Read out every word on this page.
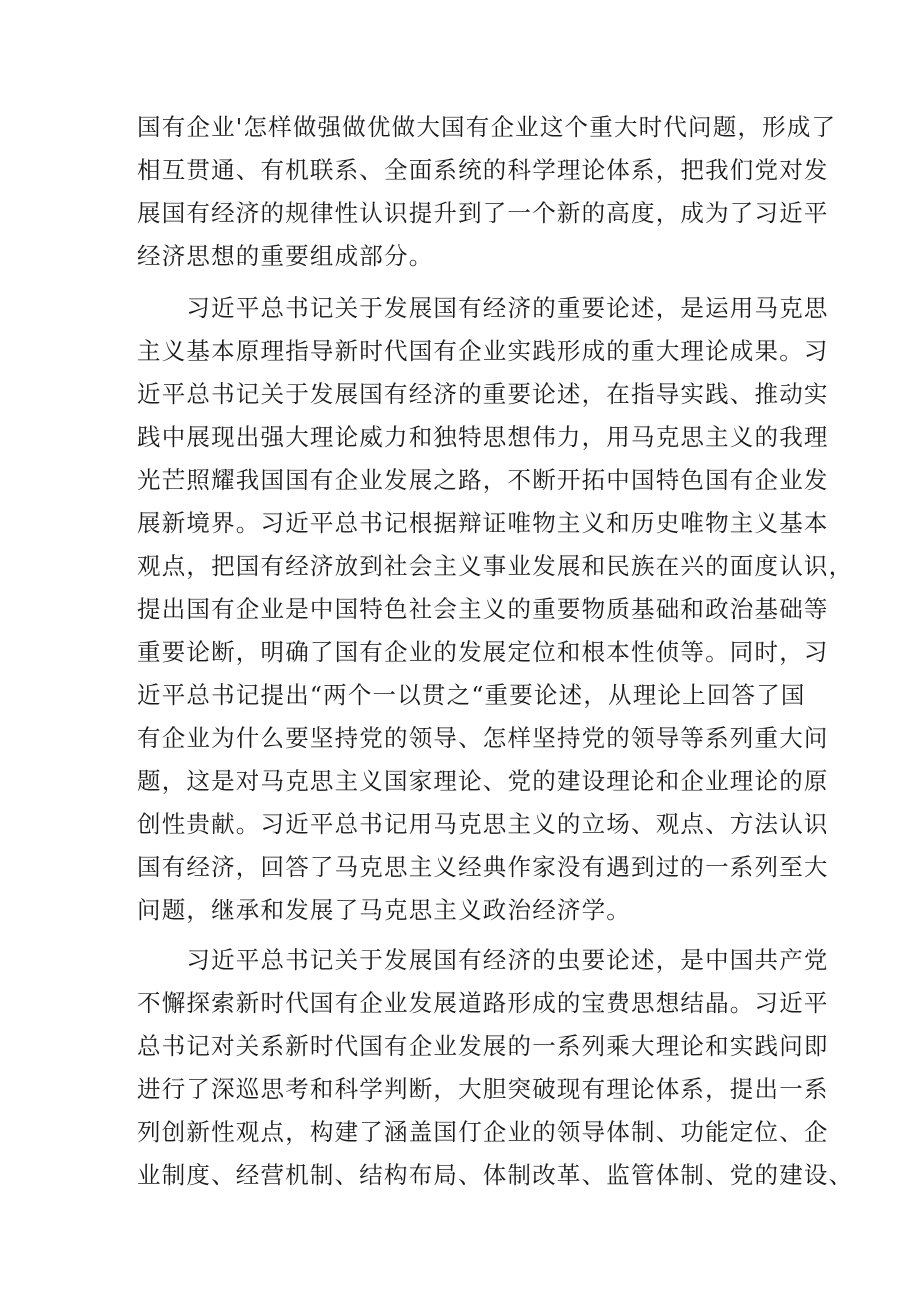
国有企业'怎样做强做优做大国有企业这个重大时代问题，形成了

相互贯通、有机联系、全面系统的科学理论体系，把我们党对发

展国有经济的规律性认识提升到了一个新的高度，成为了习近平

经济思想的重要组成部分。

　　习近平总书记关于发展国有经济的重要论述，是运用马克思

主义基本原理指导新时代国有企业实践形成的重大理论成果。习

近平总书记关于发展国有经济的重要论述，在指导实践、推动实

践中展现出强大理论威力和独特思想伟力，用马克思主义的我理

光芒照耀我国国有企业发展之路，不断开拓中国特色国有企业发

展新境界。习近平总书记根据辩证唯物主义和历史唯物主义基本

观点，把国有经济放到社会主义事业发展和民族在兴的面度认识，

提出国有企业是中国特色社会主义的重要物质基础和政治基础等

重要论断，明确了国有企业的发展定位和根本性侦等。同时，习

近平总书记提出“两个一以贯之“重要论述，从理论上回答了国

有企业为什么要坚持党的领导、怎样坚持党的领导等系列重大问

题，这是对马克思主义国家理论、党的建设理论和企业理论的原

创性贵献。习近平总书记用马克思主义的立场、观点、方法认识

国有经济，回答了马克思主义经典作家没有遇到过的一系列至大

问题，继承和发展了马克思主义政治经济学。

　　习近平总书记关于发展国有经济的虫要论述，是中国共产党

不懈探索新时代国有企业发展道路形成的宝费思想结晶。习近平

总书记对关系新时代国有企业发展的一系列乘大理论和实践问即

进行了深巡思考和科学判断，大胆突破现有理论体系，提出一系

列创新性观点，构建了涵盖国仃企业的领导体制、功能定位、企

业制度、经营机制、结构布局、体制改革、监管体制、党的建设、
